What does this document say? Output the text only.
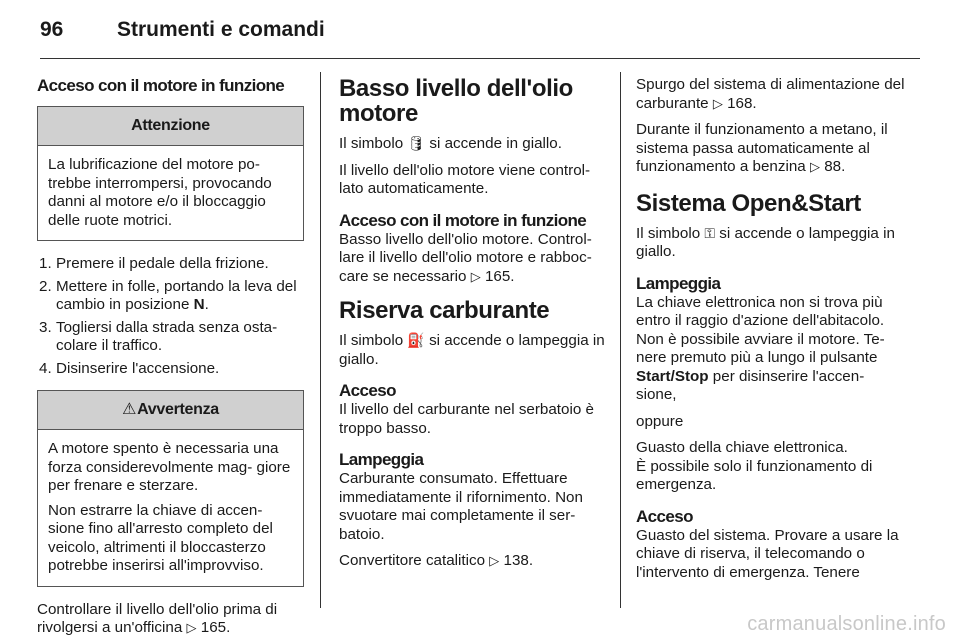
96	Strumenti e comandi
Acceso con il motore in funzione
Attenzione

La lubrificazione del motore po- trebbe interrompersi, provocando danni al motore e/o il bloccaggio delle ruote motrici.

1. Premere il pedale della frizione.
2. Mettere in folle, portando la leva del cambio in posizione N.
3. Togliersi dalla strada senza osta- colare il traffico.
4. Disinserire l'accensione.
⚠Avvertenza

A motore spento è necessaria una forza considerevolmente mag- giore per frenare e sterzare.

Non estrarre la chiave di accen- sione fino all'arresto completo del veicolo, altrimenti il bloccasterzo potrebbe inserirsi all'improvviso.

Controllare il livello dell'olio prima di rivolgersi a un'officina ▷ 165.

Basso livello dell'olio motore

Il simbolo 🛢 si accende in giallo.

Il livello dell'olio motore viene control- lato automaticamente.

Acceso con il motore in funzione

Basso livello dell'olio motore. Control- lare il livello dell'olio motore e rabboc- care se necessario ▷ 165.

Riserva carburante

Il simbolo ⛽ si accende o lampeggia in giallo.

Acceso

Il livello del carburante nel serbatoio è troppo basso.

Lampeggia

Carburante consumato. Effettuare immediatamente il rifornimento. Non svuotare mai completamente il ser- batoio.

Convertitore catalitico ▷ 138.

Spurgo del sistema di alimentazione del carburante ▷ 168.

Durante il funzionamento a metano, il sistema passa automaticamente al funzionamento a benzina ▷ 88.

Sistema Open&Start

Il simbolo ⚿ si accende o lampeggia in giallo.

Lampeggia

La chiave elettronica non si trova più entro il raggio d'azione dell'abitacolo. Non è possibile avviare il motore. Te- nere premuto più a lungo il pulsante Start/Stop per disinserire l'accen- sione,

oppure

Guasto della chiave elettronica.

È possibile solo il funzionamento di emergenza.

Acceso

Guasto del sistema. Provare a usare la chiave di riserva, il telecomando o l'intervento di emergenza. Tenere

carmanualsonline.info
